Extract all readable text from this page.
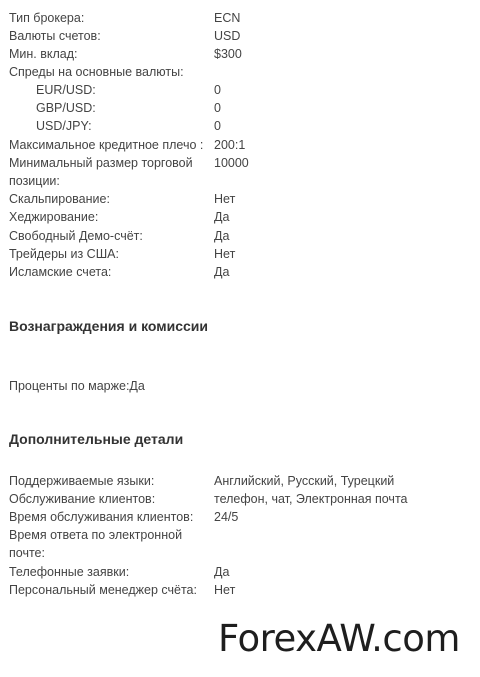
Тип брокера:	ECN
Валюты счетов:	USD
Мин. вклад:	$300
Спреды на основные валюты:
EUR/USD:	0
GBP/USD:	0
USD/JPY:	0
Максимальное кредитное плечо : 200:1
Минимальный размер торговой позиции:
10000
Скальпирование:	Нет
Хеджирование:	Да
Свободный Демо-счёт:	Да
Трейдеры из США:	Нет
Исламские счета:	Да
Вознаграждения и комиссии
Проценты по марже:Да
Дополнительные детали
Поддерживаемые языки:	Английский, Русский, Турецкий
Обслуживание клиентов:	телефон, чат, Электронная почта
Время обслуживания клиентов: 24/5
Время ответа по электронной почте:
Телефонные заявки:	Да
Персональный менеджер счёта: Нет
ForexAW.com
